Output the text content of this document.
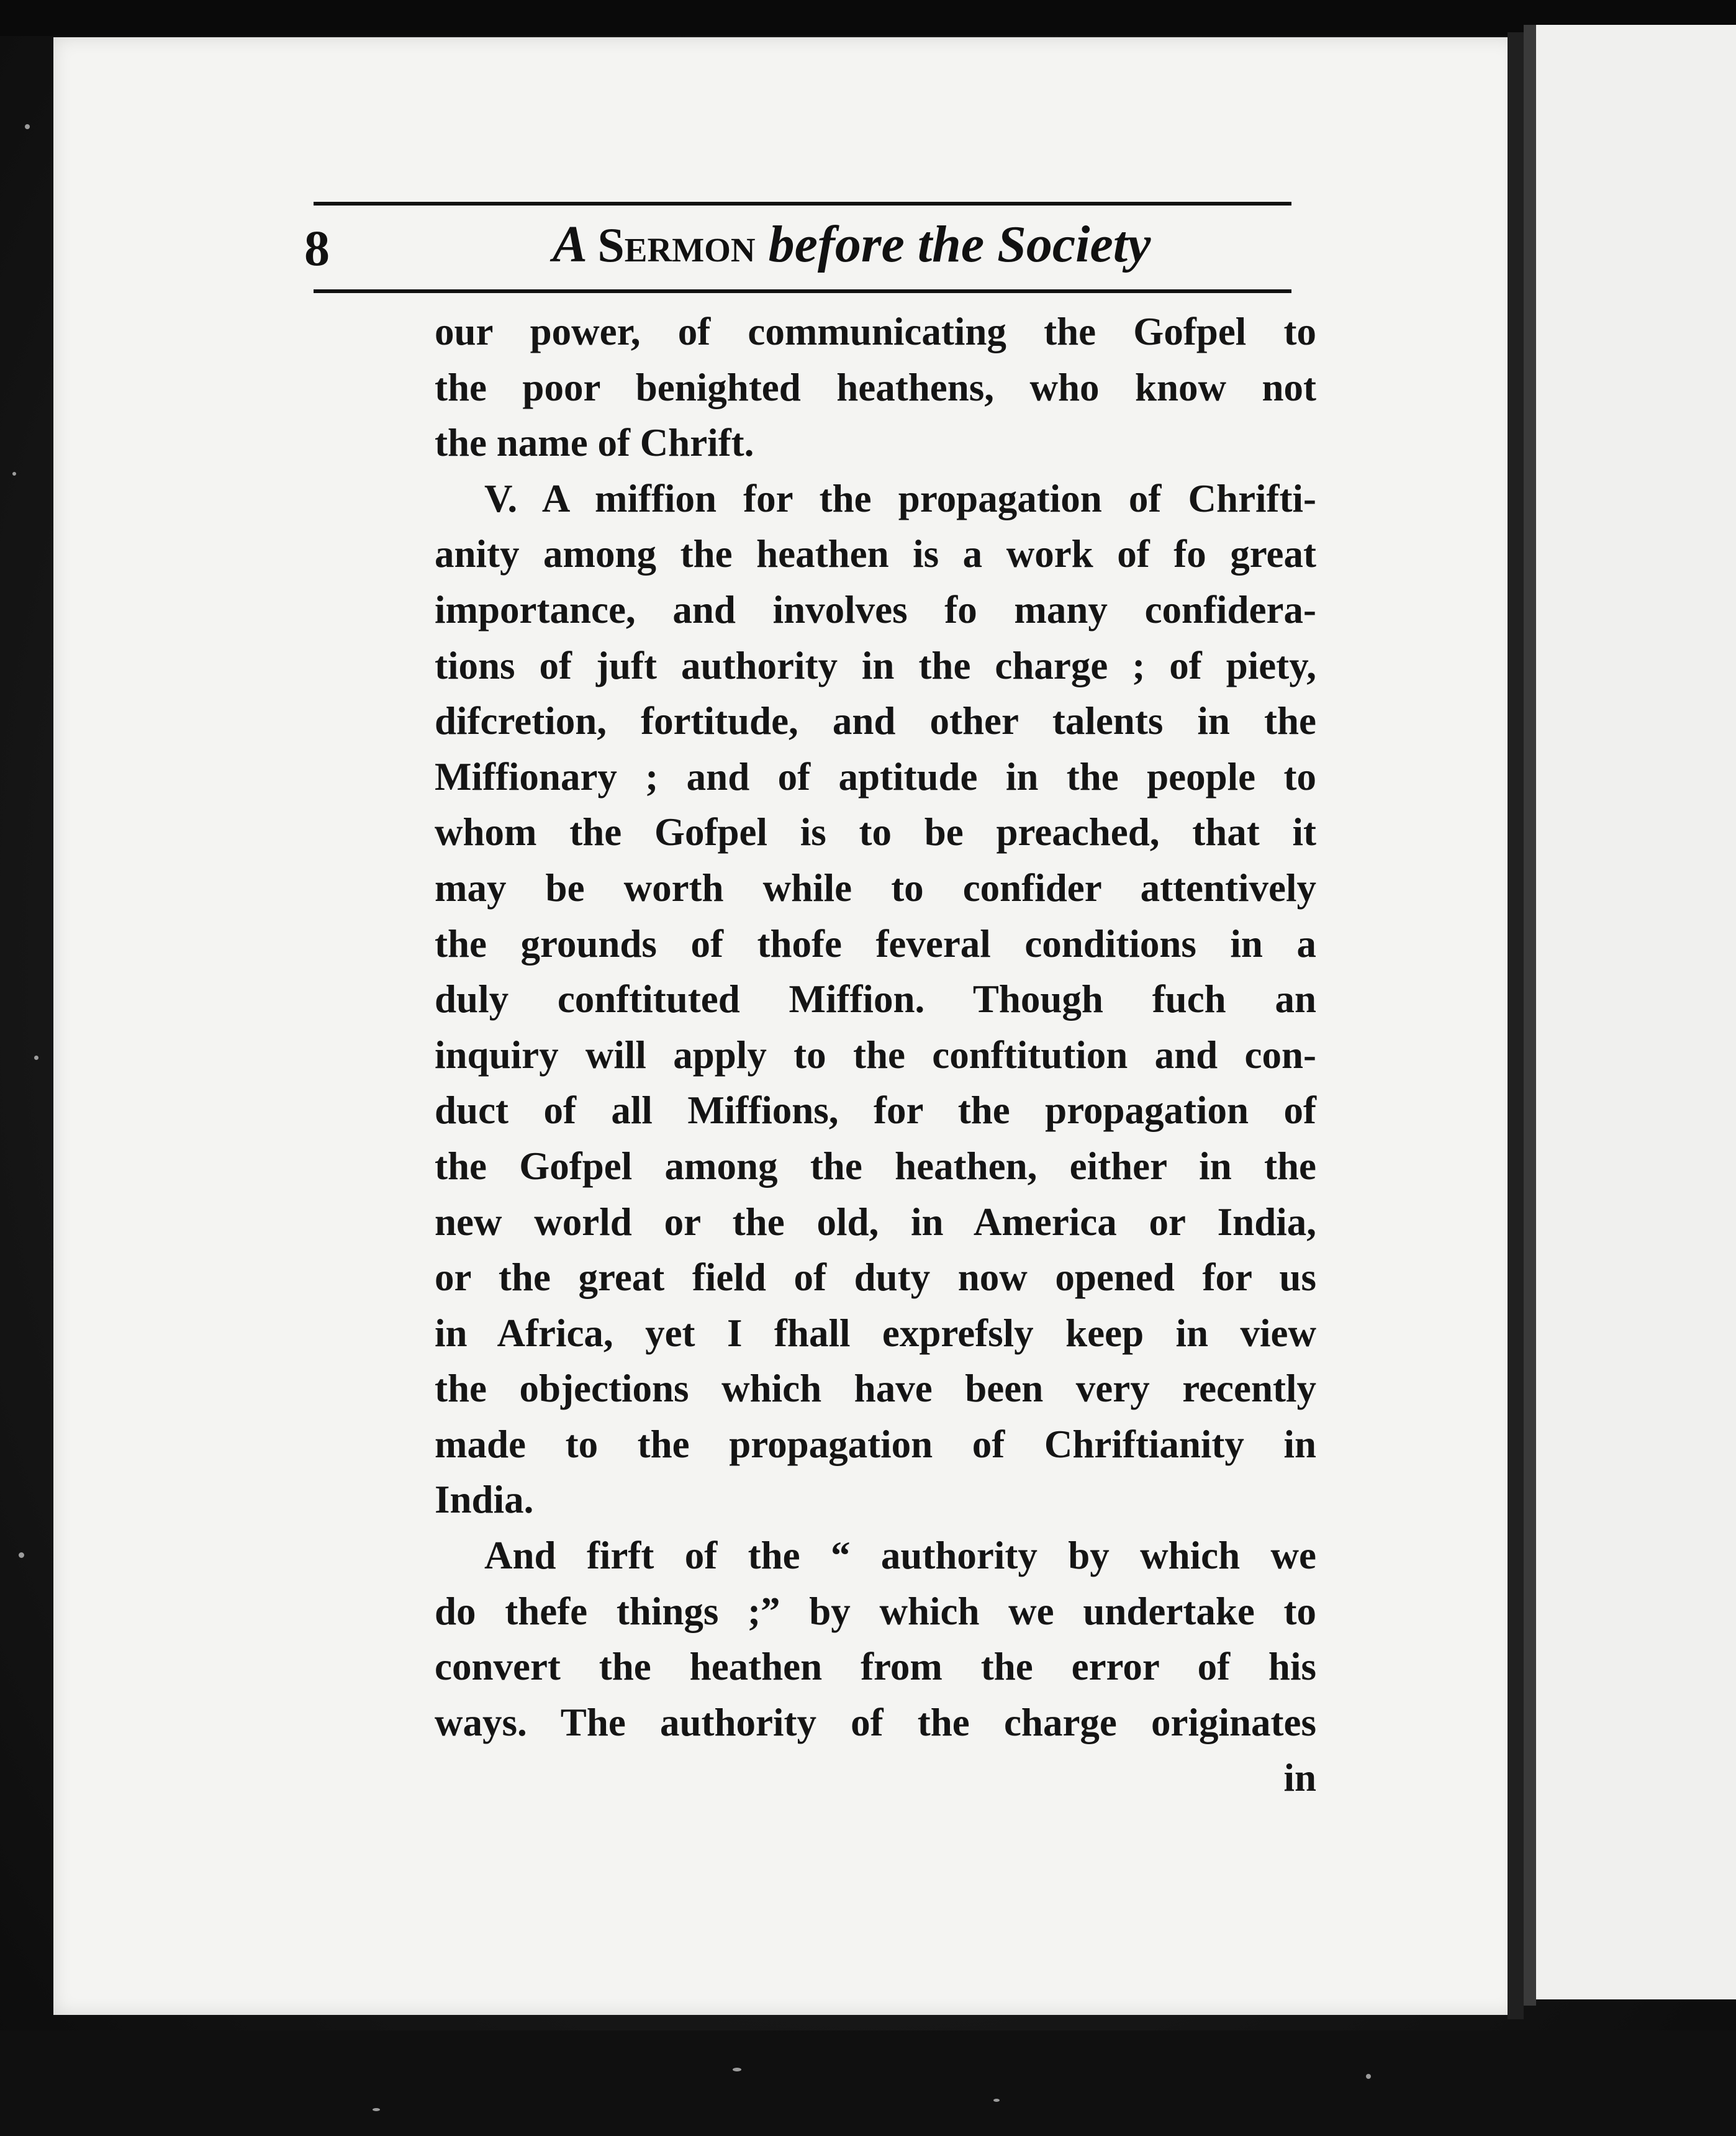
8	A Sermon before the Society
our power, of communicating the Gofpel to
the poor benighted heathens, who know not
the name of Chrift.
V. A miffion for the propagation of Chrifti-
anity among the heathen is a work of fo great
importance, and involves fo many confidera-
tions of juft authority in the charge ; of piety,
difcretion, fortitude, and other talents in the
Miffionary ; and of aptitude in the people to
whom the Gofpel is to be preached, that it
may be worth while to confider attentively
the grounds of thofe feveral conditions in a
duly conftituted Miffion. Though fuch an
inquiry will apply to the conftitution and con-
duct of all Miffions, for the propagation of
the Gofpel among the heathen, either in the
new world or the old, in America or India,
or the great field of duty now opened for us
in Africa, yet I fhall exprefsly keep in view
the objections which have been very recently
made to the propagation of Chriftianity in
India.
And firft of the “ authority by which we
do thefe things ;” by which we undertake to
convert the heathen from the error of his
ways. The authority of the charge originates
in
